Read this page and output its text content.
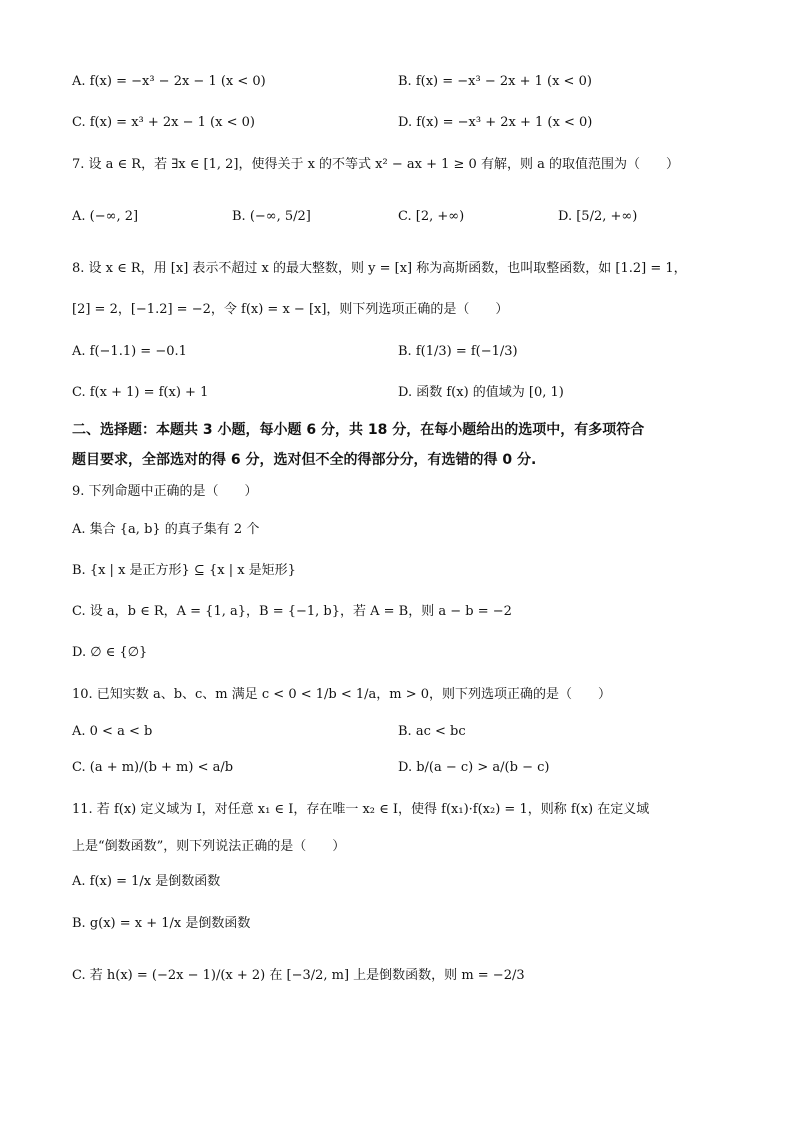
A. f(x) = −x³ − 2x − 1 (x < 0)	B. f(x) = −x³ − 2x + 1 (x < 0)
C. f(x) = x³ + 2x − 1 (x < 0)	D. f(x) = −x³ + 2x + 1 (x < 0)
7. 设 a ∈ R，若 ∃x ∈ [1, 2]，使得关于 x 的不等式 x² − ax + 1 ≥ 0 有解，则 a 的取值范围为（　　）
A. (−∞, 2]	B. (−∞, 5/2]	C. [2, +∞)	D. [5/2, +∞)
8. 设 x ∈ R，用 [x] 表示不超过 x 的最大整数，则 y = [x] 称为高斯函数，也叫取整函数，如 [1.2] = 1，
[2] = 2，[−1.2] = −2，令 f(x) = x − [x]，则下列选项正确的是（　　）
A. f(−1.1) = −0.1	B. f(1/3) = f(−1/3)
C. f(x + 1) = f(x) + 1	D. 函数 f(x) 的值域为 [0, 1)
二、选择题：本题共 3 小题，每小题 6 分，共 18 分，在每小题给出的选项中，有多项符合
题目要求，全部选对的得 6 分，选对但不全的得部分分，有选错的得 0 分.
9. 下列命题中正确的是（　　）
A. 集合 {a, b} 的真子集有 2 个
B. {x | x 是正方形} ⊆ {x | x 是矩形}
C. 设 a，b ∈ R，A = {1, a}，B = {−1, b}，若 A = B，则 a − b = −2
D. ∅ ∈ {∅}
10. 已知实数 a、b、c、m 满足 c < 0 < 1/b < 1/a，m > 0，则下列选项正确的是（　　）
A. 0 < a < b	B. ac < bc
C. (a + m)/(b + m) < a/b	D. b/(a − c) > a/(b − c)
11. 若 f(x) 定义域为 I，对任意 x₁ ∈ I，存在唯一 x₂ ∈ I，使得 f(x₁)·f(x₂) = 1，则称 f(x) 在定义域
上是“倒数函数”，则下列说法正确的是（　　）
A. f(x) = 1/x 是倒数函数
B. g(x) = x + 1/x 是倒数函数
C. 若 h(x) = (−2x − 1)/(x + 2) 在 [−3/2, m] 上是倒数函数，则 m = −2/3
